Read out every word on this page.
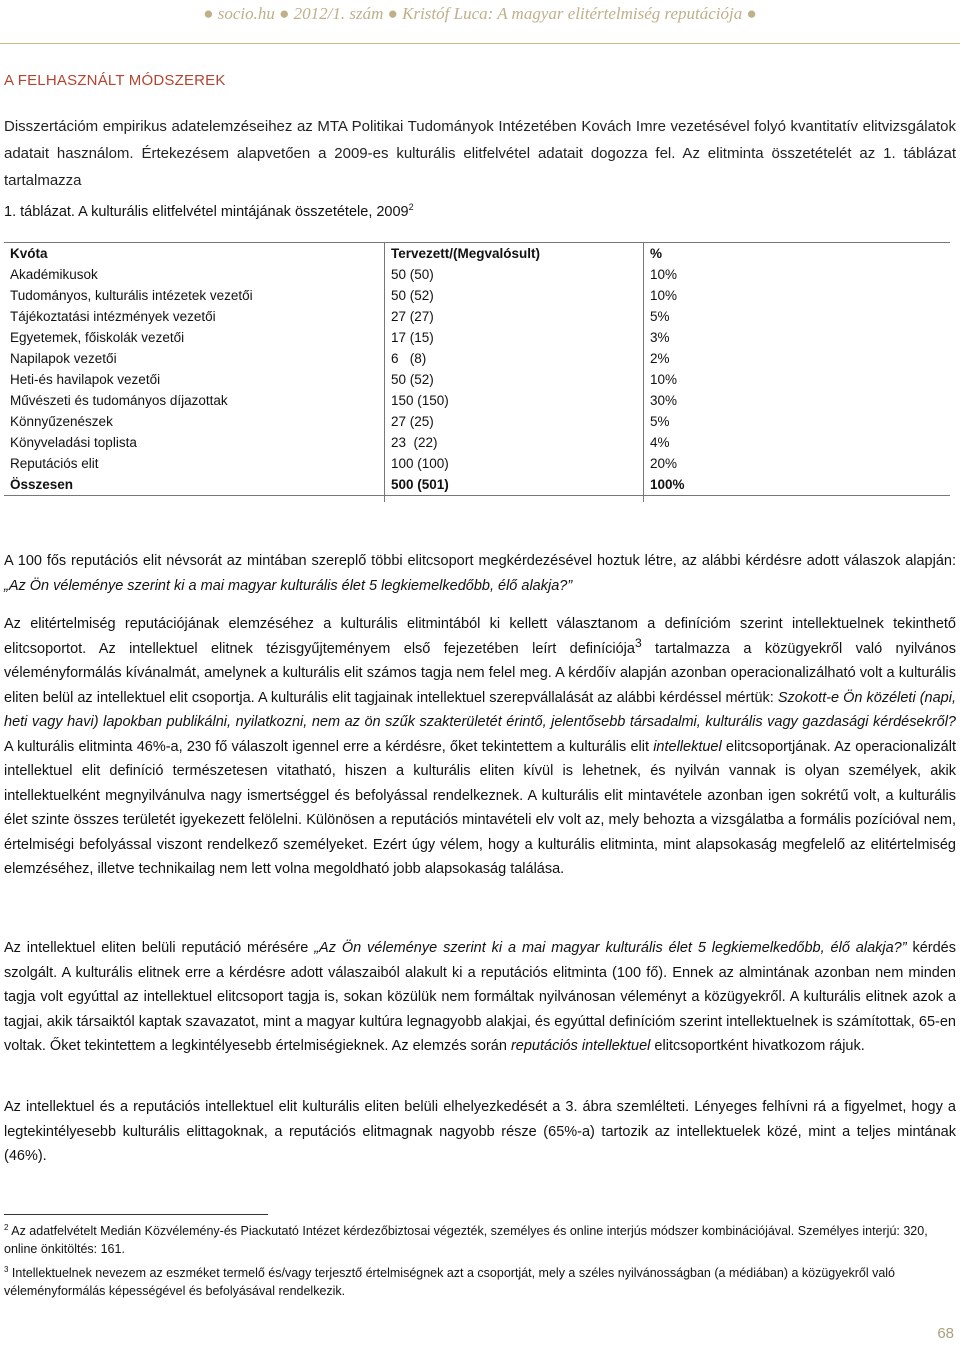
● socio.hu ● 2012/1. szám ● Kristóf Luca: A magyar elitértelmiség reputációja ●
A FELHASZNÁLT MÓDSZEREK

Disszertációm empirikus adatelemzéseihez az MTA Politikai Tudományok Intézetében Kovách Imre vezetésével folyó kvantitatív elitvizsgálatok adatait használom. Értekezésem alapvetően a 2009-es kulturális elitfelvétel adatait dogozza fel. Az elitminta összetételét az 1. táblázat tartalmazza

1. táblázat. A kulturális elitfelvétel mintájának összetétele, 2009$^2$
Kvóta	Tervezett/(Megvalósult)	%
Akadémikusok	50 (50)	10%
Tudományos, kulturális intézetek vezetői	50 (52)	10%
Tájékoztatási intézmények vezetői	27 (27)	5%
Egyetemek, főiskolák vezetői	17 (15)	3%
Napilapok vezetői	6   (8)	2%
Heti-és havilapok vezetői	50 (52)	10%
Művészeti és tudományos díjazottak	150 (150)	30%
Könnyűzenészek	27 (25)	5%
Könyveladási toplista	23  (22)	4%
Reputációs elit	100 (100)	20%
Összesen	500 (501)	100%

A 100 fős reputációs elit névsorát az mintában szereplő többi elitcsoport megkérdezésével hoztuk létre, az alábbi kérdésre adott válaszok alapján: „Az Ön véleménye szerint ki a mai magyar kulturális élet 5 legkiemelkedőbb, élő alakja?”

Az elitértelmiség reputációjának elemzéséhez a kulturális elitmintából ki kellett választanom a definícióm szerint intellektuelnek tekinthető elitcsoportot. Az intellektuel elitnek tézisgyűjteményem első fejezetében leírt definíciója$^3$ tartalmazza a közügyekről való nyilvános véleményformálás kívánalmát, amelynek a kulturális elit számos tagja nem felel meg. A kérdőív alapján azonban operacionalizálható volt a kulturális eliten belül az intellektuel elit csoportja. A kulturális elit tagjainak intellektuel szerepvállalását az alábbi kérdéssel mértük: Szokott-e Ön közéleti (napi, heti vagy havi) lapokban publikálni, nyilatkozni, nem az ön szűk szakterületét érintő, jelentősebb társadalmi, kulturális vagy gazdasági kérdésekről? A kulturális elitminta 46%-a, 230 fő válaszolt igennel erre a kérdésre, őket tekintettem a kulturális elit intellektuel elitcsoportjának. Az operacionalizált intellektuel elit definíció természetesen vitatható, hiszen a kulturális eliten kívül is lehetnek, és nyilván vannak is olyan személyek, akik intellektuelként megnyilvánulva nagy ismertséggel és befolyással rendelkeznek. A kulturális elit mintavétele azonban igen sokrétű volt, a kulturális élet szinte összes területét igyekezett felölelni. Különösen a reputációs mintavételi elv volt az, mely behozta a vizsgálatba a formális pozícióval nem, értelmiségi befolyással viszont rendelkező személyeket. Ezért úgy vélem, hogy a kulturális elitminta, mint alapsokaság megfelelő az elitértelmiség elemzéséhez, illetve technikailag nem lett volna megoldható jobb alapsokaság találása.

Az intellektuel eliten belüli reputáció mérésére „Az Ön véleménye szerint ki a mai magyar kulturális élet 5 legkiemelkedőbb, élő alakja?” kérdés szolgált. A kulturális elitnek erre a kérdésre adott válaszaiból alakult ki a reputációs elitminta (100 fő). Ennek az almintának azonban nem minden tagja volt egyúttal az intellektuel elitcsoport tagja is, sokan közülük nem formáltak nyilvánosan véleményt a közügyekről. A kulturális elitnek azok a tagjai, akik társaiktól kaptak szavazatot, mint a magyar kultúra legnagyobb alakjai, és egyúttal definícióm szerint intellektuelnek is számítottak, 65-en voltak. Őket tekintettem a legkintélyesebb értelmiségieknek. Az elemzés során reputációs intellektuel elitcsoportként hivatkozom rájuk.

Az intellektuel és a reputációs intellektuel elit kulturális eliten belüli elhelyezkedését a 3. ábra szemlélteti. Lényeges felhívni rá a figyelmet, hogy a legtekintélyesebb kulturális elittagoknak, a reputációs elitmagnak nagyobb része (65%-a) tartozik az intellektuelek közé, mint a teljes mintának (46%).

$^2$ Az adatfelvételt Medián Közvélemény-és Piackutató Intézet kérdezőbiztosai végezték, személyes és online interjús módszer kombinációjával. Személyes interjú: 320, online önkitöltés: 161.

$^3$ Intellektuelnek nevezem az eszméket termelő és/vagy terjesztő értelmiségnek azt a csoportját, mely a széles nyilvánosságban (a médiában) a közügyekről való véleményformálás képességével és befolyásával rendelkezik.

68
